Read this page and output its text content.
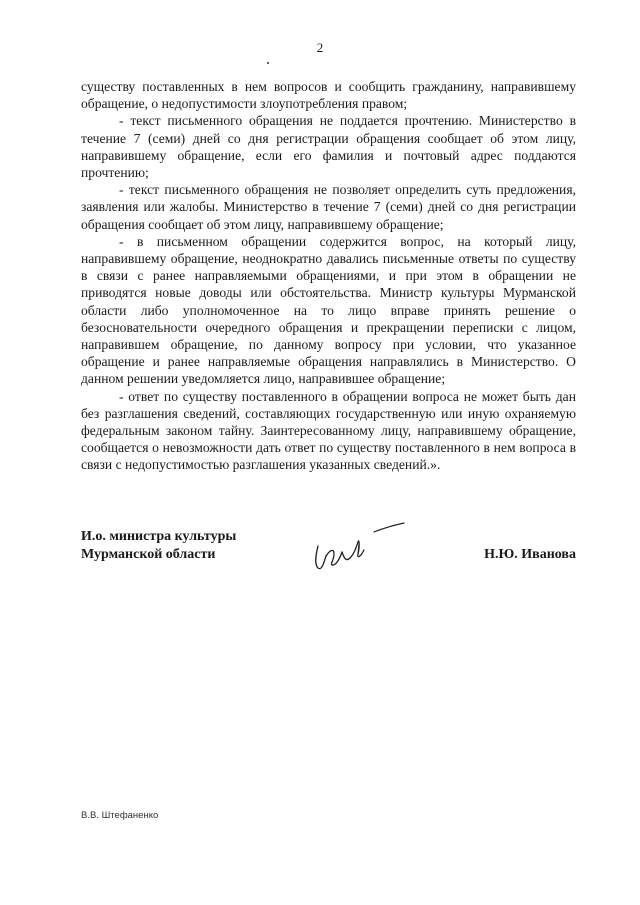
2

существу поставленных в нем вопросов и сообщить гражданину, направившему обращение, о недопустимости злоупотребления правом;

- текст письменного обращения не поддается прочтению. Министерство в течение 7 (семи) дней со дня регистрации обращения сообщает об этом лицу, направившему обращение, если его фамилия и почтовый адрес поддаются прочтению;

- текст письменного обращения не позволяет определить суть предложения, заявления или жалобы. Министерство в течение 7 (семи) дней со дня регистрации обращения сообщает об этом лицу, направившему обращение;

- в письменном обращении содержится вопрос, на который лицу, направившему обращение, неоднократно давались письменные ответы по существу в связи с ранее направляемыми обращениями, и при этом в обращении не приводятся новые доводы или обстоятельства. Министр культуры Мурманской области либо уполномоченное на то лицо вправе принять решение о безосновательности очередного обращения и прекращении переписки с лицом, направившем обращение, по данному вопросу при условии, что указанное обращение и ранее направляемые обращения направлялись в Министерство. О данном решении уведомляется лицо, направившее обращение;

- ответ по существу поставленного в обращении вопроса не может быть дан без разглашения сведений, составляющих государственную или иную охраняемую федеральным законом тайну. Заинтересованному лицу, направившему обращение, сообщается о невозможности дать ответ по существу поставленного в нем вопроса в связи с недопустимостью разглашения указанных сведений.».

И.о. министра культуры
Мурманской области	Н.Ю. Иванова
В.В. Штефаненко
